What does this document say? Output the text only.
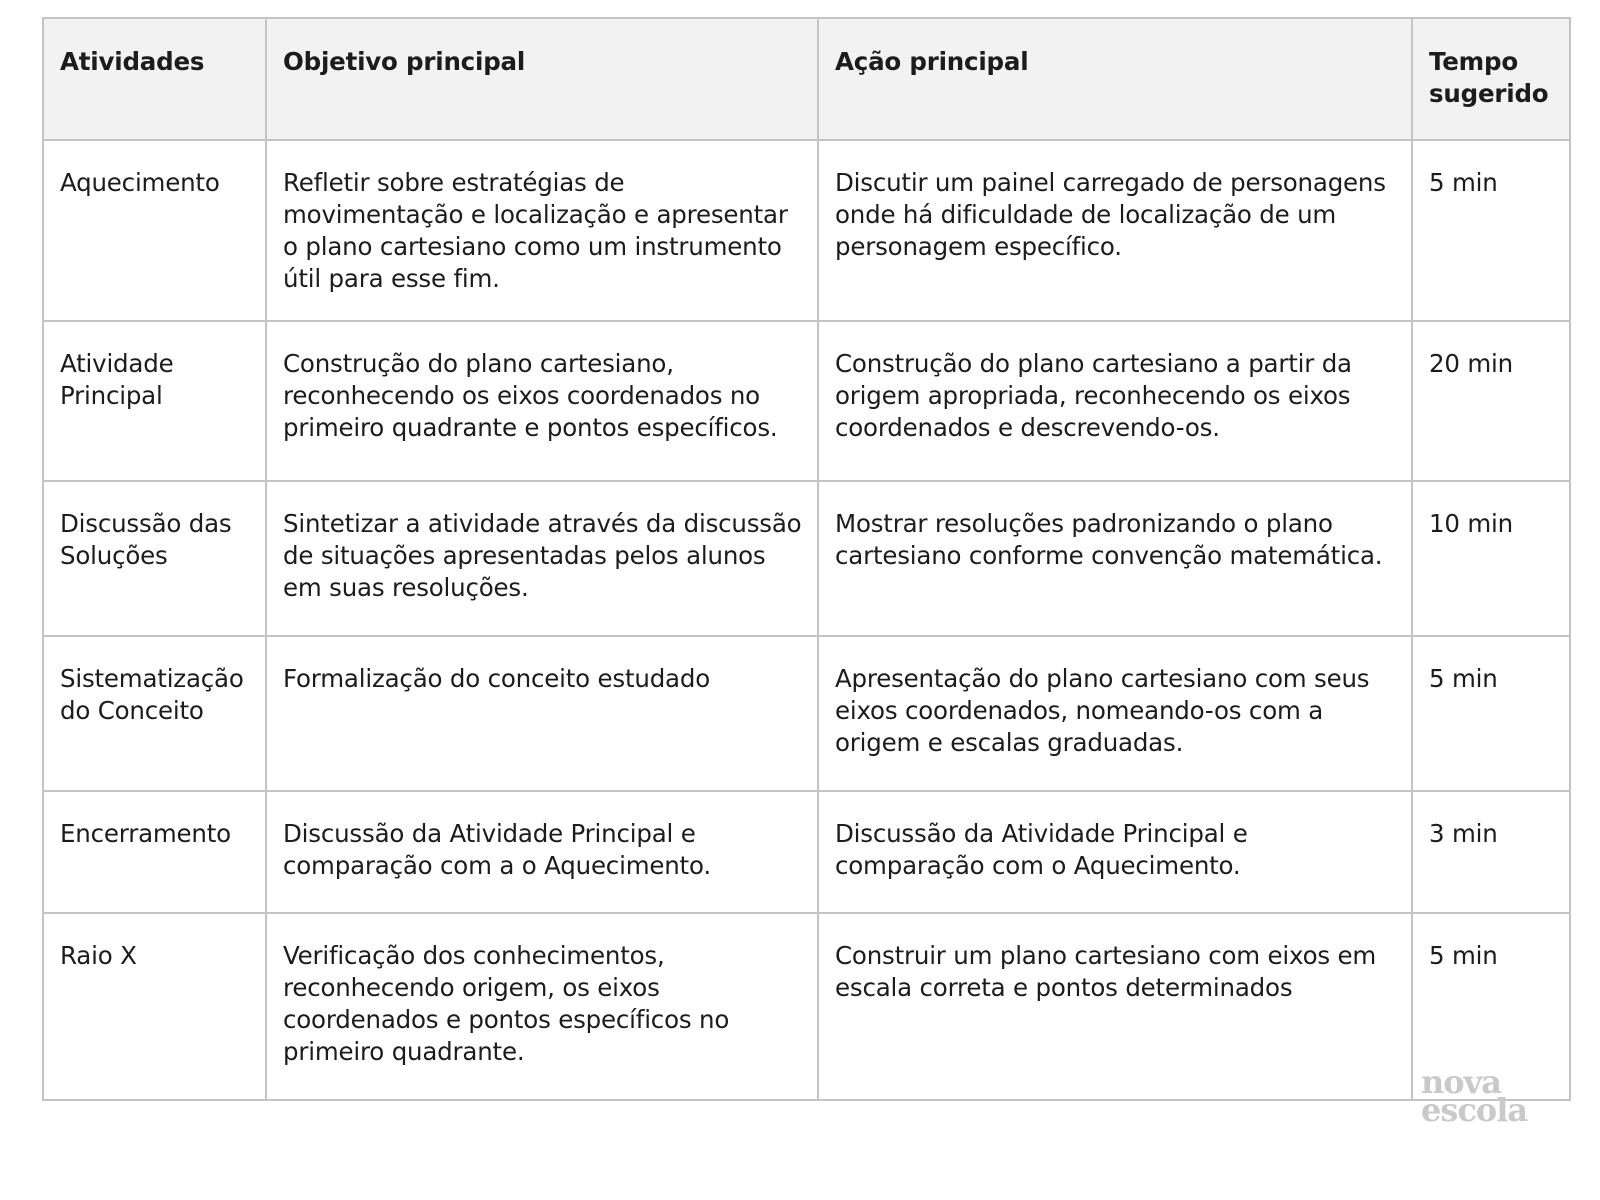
Atividades	Objetivo principal	Ação principal	Tempo sugerido
Aquecimento	Refletir sobre estratégias de movimentação e localização e apresentar o plano cartesiano como um instrumento útil para esse fim.	Discutir um painel carregado de personagens onde há dificuldade de localização de um personagem específico.	5 min
Atividade Principal	Construção do plano cartesiano, reconhecendo os eixos coordenados no primeiro quadrante e pontos específicos.	Construção do plano cartesiano a partir da origem apropriada, reconhecendo os eixos coordenados e descrevendo-os.	20 min
Discussão das Soluções	Sintetizar a atividade através da discussão de situações apresentadas pelos alunos em suas resoluções.	Mostrar resoluções padronizando o plano cartesiano conforme convenção matemática.	10 min
Sistematização do Conceito	Formalização do conceito estudado	Apresentação do plano cartesiano com seus eixos coordenados, nomeando-os com a origem e escalas graduadas.	5 min
Encerramento	Discussão da Atividade Principal e comparação com a o Aquecimento.	Discussão da Atividade Principal e comparação com o Aquecimento.	3 min
Raio X	Verificação dos conhecimentos, reconhecendo origem, os eixos coordenados e pontos específicos no primeiro quadrante.	Construir um plano cartesiano com eixos em escala correta e pontos determinados	5 min
nova
escola
